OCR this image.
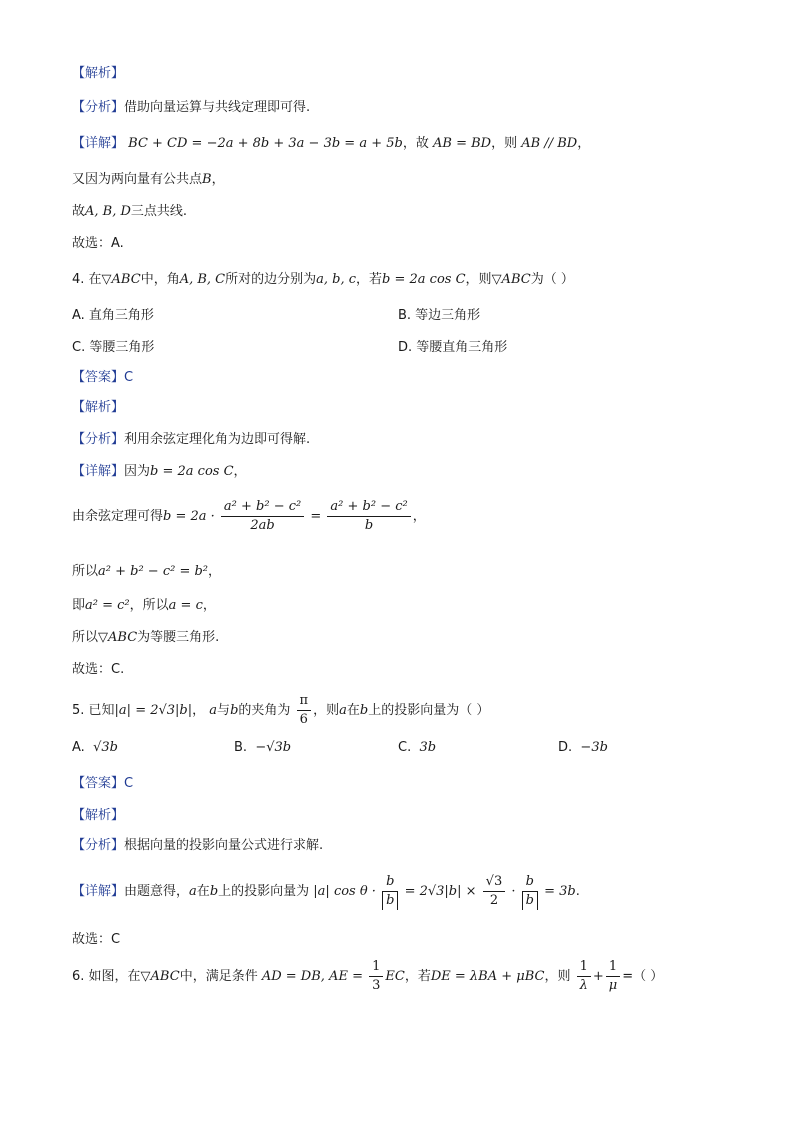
【解析】
【分析】借助向量运算与共线定理即可得.
【详解】 BC + CD = −2a + 8b + 3a − 3b = a + 5b，故 AB = BD，则 AB // BD，
又因为两向量有公共点B，
故A, B, D三点共线.
故选：A.
4. 在▽ABC中，角A, B, C所对的边分别为a, b, c，若b = 2a cos C，则▽ABC为（ ）
A. 直角三角形	B. 等边三角形
C. 等腰三角形	D. 等腰直角三角形
【答案】C
【解析】
【分析】利用余弦定理化角为边即可得解.
【详解】因为b = 2a cos C，
由余弦定理可得$b = 2a \cdot \frac{\text{a² + b² − c²}}{2ab} = \frac{\text{a² + b² − c²}}{b}$ ，
所以a² + b² − c² = b²，
即a² = c²，所以a = c，
所以▽ABC为等腰三角形.
故选：C.
5. 已知|a| = 2√3|b|， a与b的夹角为 $\frac{\pi}{6}$ ，则a在b上的投影向量为（ ）
A. √3b	B. −√3b	C. 3b	D. −3b
【答案】C
【解析】
【分析】根据向量的投影向量公式进行求解.
【详解】由题意得，a在b上的投影向量为 |a| $\cos \theta \cdot \frac{b}{b} = 2√3|b| \times \frac{√3}{2} \cdot \frac{b}{b} = 3b$.
故选：C
6. 如图，在▽ABC中，满足条件 AD = DB, AE = $\frac{1}{3}$ EC，若DE = λBA + μBC，则 $\frac{1}{\lambda} + \frac{1}{\mu}$ =（ ）
